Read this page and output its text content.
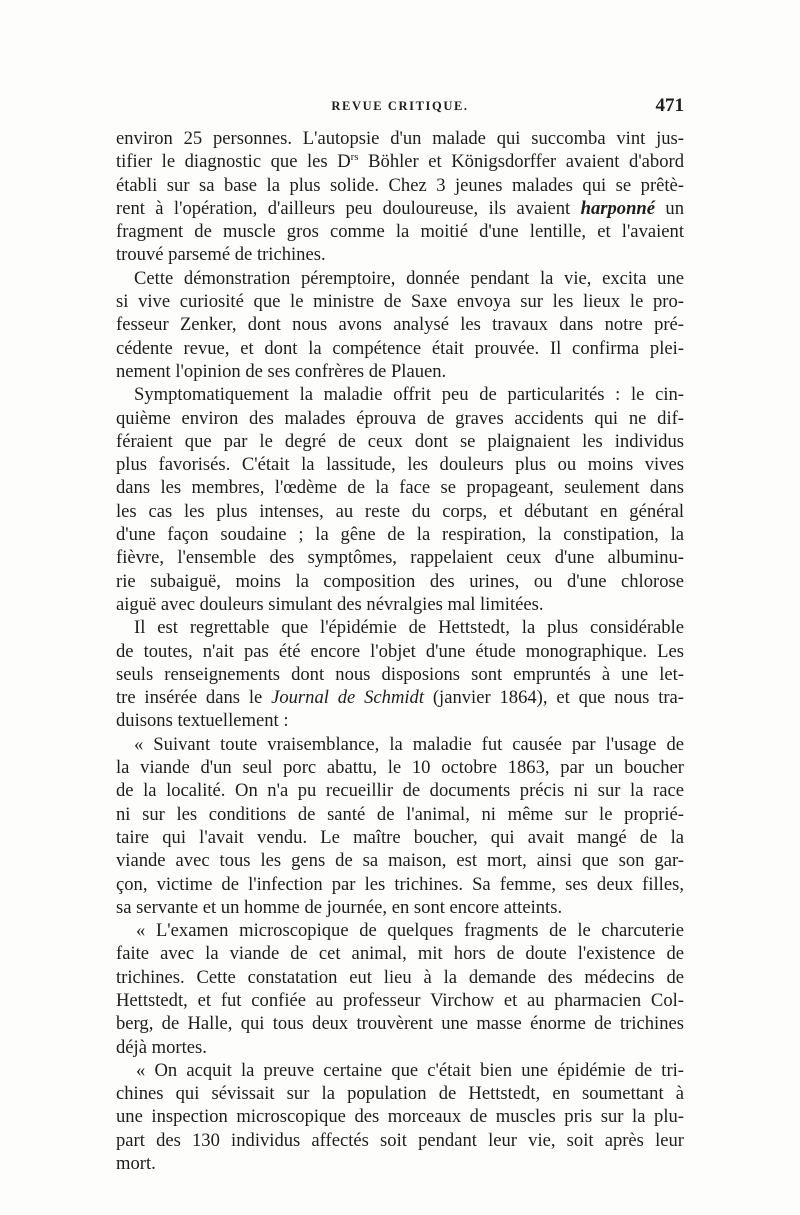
REVUE CRITIQUE.	471
environ 25 personnes. L'autopsie d'un malade qui succomba vint jus-
tifier le diagnostic que les $D^{rs}$ Böhler et Königsdorffer avaient d'abord
établi sur sa base la plus solide. Chez 3 jeunes malades qui se prêtè-
rent à l'opération, d'ailleurs peu douloureuse, ils avaient harponné un
fragment de muscle gros comme la moitié d'une lentille, et l'avaient
trouvé parsemé de trichines.
Cette démonstration péremptoire, donnée pendant la vie, excita une
si vive curiosité que le ministre de Saxe envoya sur les lieux le pro-
fesseur Zenker, dont nous avons analysé les travaux dans notre pré-
cédente revue, et dont la compétence était prouvée. Il confirma plei-
nement l'opinion de ses confrères de Plauen.
Symptomatiquement la maladie offrit peu de particularités : le cin-
quième environ des malades éprouva de graves accidents qui ne dif-
féraient que par le degré de ceux dont se plaignaient les individus
plus favorisés. C'était la lassitude, les douleurs plus ou moins vives
dans les membres, l'œdème de la face se propageant, seulement dans
les cas les plus intenses, au reste du corps, et débutant en général
d'une façon soudaine ; la gêne de la respiration, la constipation, la
fièvre, l'ensemble des symptômes, rappelaient ceux d'une albuminu-
rie subaiguë, moins la composition des urines, ou d'une chlorose
aiguë avec douleurs simulant des névralgies mal limitées.
Il est regrettable que l'épidémie de Hettstedt, la plus considérable
de toutes, n'ait pas été encore l'objet d'une étude monographique. Les
seuls renseignements dont nous disposions sont empruntés à une let-
tre insérée dans le Journal de Schmidt (janvier 1864), et que nous tra-
duisons textuellement :
« Suivant toute vraisemblance, la maladie fut causée par l'usage de
la viande d'un seul porc abattu, le 10 octobre 1863, par un boucher
de la localité. On n'a pu recueillir de documents précis ni sur la race
ni sur les conditions de santé de l'animal, ni même sur le proprié-
taire qui l'avait vendu. Le maître boucher, qui avait mangé de la
viande avec tous les gens de sa maison, est mort, ainsi que son gar-
çon, victime de l'infection par les trichines. Sa femme, ses deux filles,
sa servante et un homme de journée, en sont encore atteints.
« L'examen microscopique de quelques fragments de le charcuterie
faite avec la viande de cet animal, mit hors de doute l'existence de
trichines. Cette constatation eut lieu à la demande des médecins de
Hettstedt, et fut confiée au professeur Virchow et au pharmacien Col-
berg, de Halle, qui tous deux trouvèrent une masse énorme de trichines
déjà mortes.
« On acquit la preuve certaine que c'était bien une épidémie de tri-
chines qui sévissait sur la population de Hettstedt, en soumettant à
une inspection microscopique des morceaux de muscles pris sur la plu-
part des 130 individus affectés soit pendant leur vie, soit après leur
mort.
